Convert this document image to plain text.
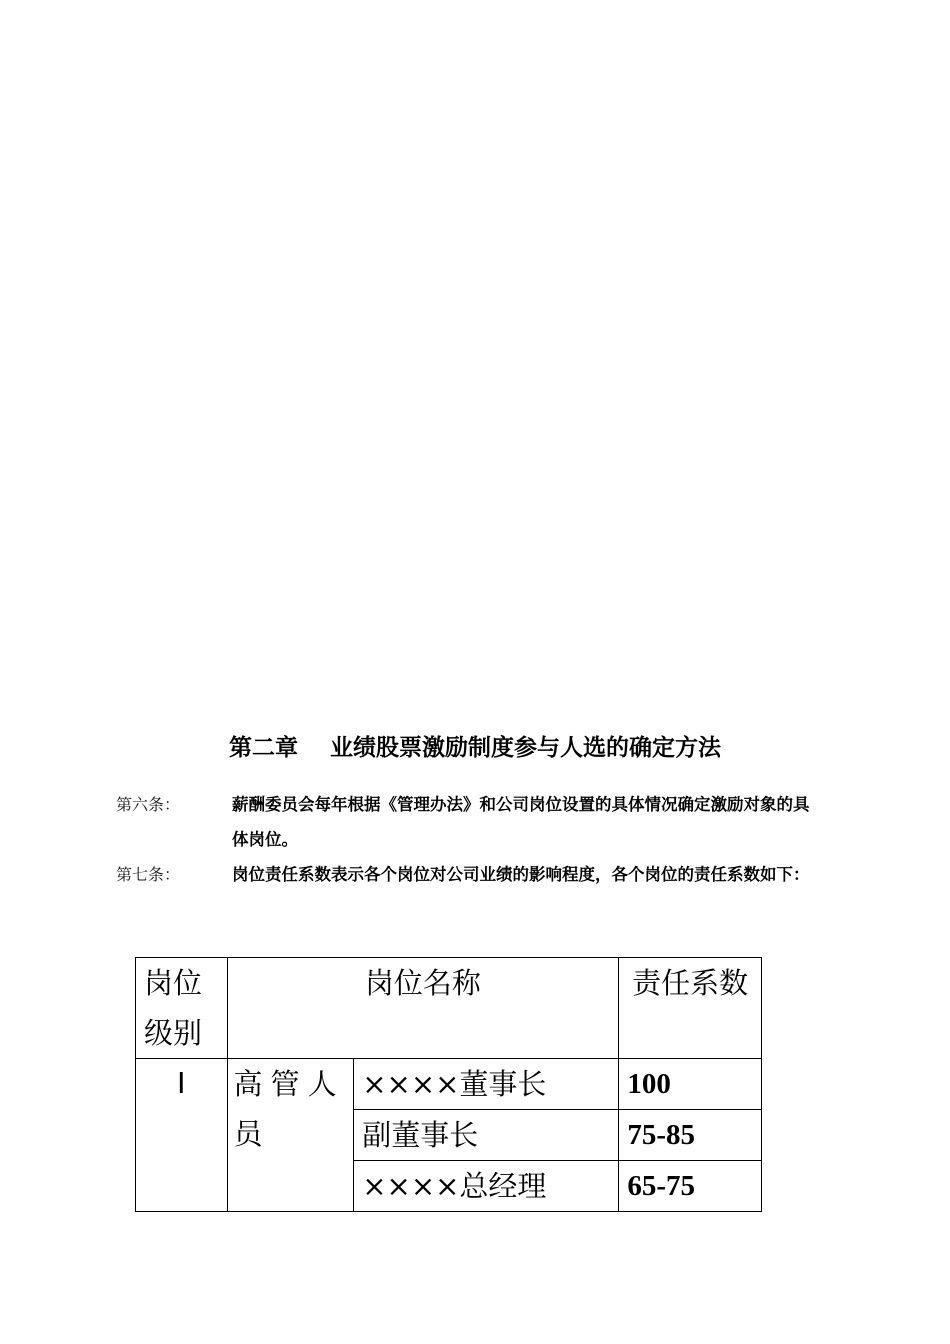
第二章    业绩股票激励制度参与人选的确定方法
第六条：	薪酬委员会每年根据《管理办法》和公司岗位设置的具体情况确定激励对象的具体岗位。
第七条：	岗位责任系数表示各个岗位对公司业绩的影响程度，各个岗位的责任系数如下：
岗位级别	岗位名称		责任系数
Ⅰ	高管人员	××××董事长	100
		副董事长	75-85
		××××总经理	65-75
